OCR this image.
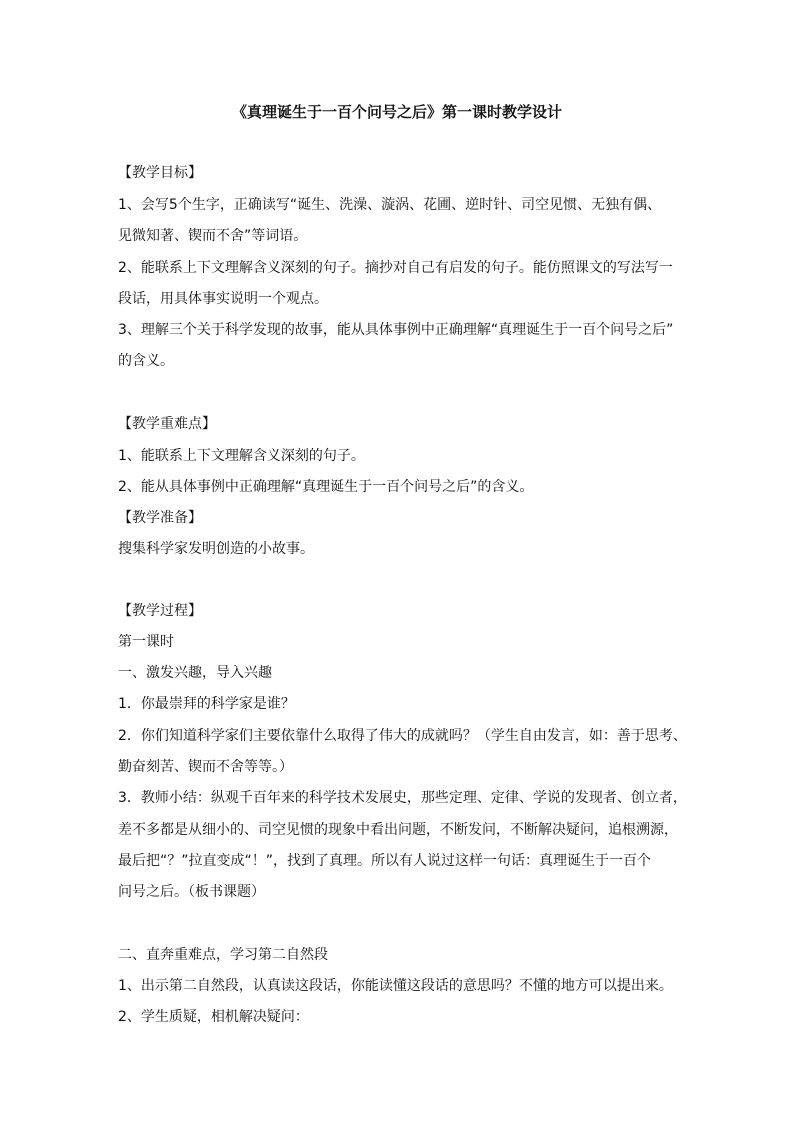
《真理诞生于一百个问号之后》第一课时教学设计
【教学目标】
1、会写5个生字，正确读写“诞生、洗澡、漩涡、花圃、逆时针、司空见惯、无独有偶、
见微知著、锲而不舍”等词语。
2、能联系上下文理解含义深刻的句子。摘抄对自己有启发的句子。能仿照课文的写法写一
段话，用具体事实说明一个观点。
3、理解三个关于科学发现的故事，能从具体事例中正确理解“真理诞生于一百个问号之后”
的含义。
【教学重难点】
1、能联系上下文理解含义深刻的句子。
2、能从具体事例中正确理解“真理诞生于一百个问号之后”的含义。
【教学准备】
搜集科学家发明创造的小故事。
【教学过程】
第一课时
一、激发兴趣，导入兴趣
1．你最崇拜的科学家是谁？
2．你们知道科学家们主要依靠什么取得了伟大的成就吗？（学生自由发言，如：善于思考、
勤奋刻苦、锲而不舍等等。）
3．教师小结：纵观千百年来的科学技术发展史，那些定理、定律、学说的发现者、创立者，
差不多都是从细小的、司空见惯的现象中看出问题，不断发问，不断解决疑问，追根溯源，
最后把“？”拉直变成“！”，找到了真理。所以有人说过这样一句话：真理诞生于一百个
问号之后。（板书课题）
二、直奔重难点，学习第二自然段
1、出示第二自然段，认真读这段话，你能读懂这段话的意思吗？不懂的地方可以提出来。
2、学生质疑，相机解决疑问：
